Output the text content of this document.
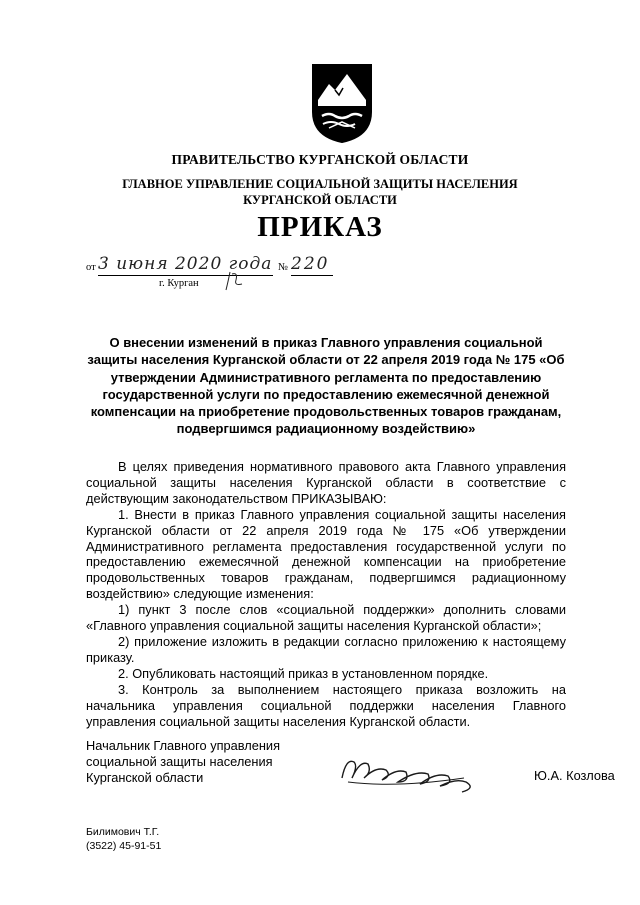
ПРАВИТЕЛЬСТВО КУРГАНСКОЙ ОБЛАСТИ
ГЛАВНОЕ УПРАВЛЕНИЕ СОЦИАЛЬНОЙ ЗАЩИТЫ НАСЕЛЕНИЯ
КУРГАНСКОЙ ОБЛАСТИ
ПРИКАЗ
от 3 июня 2020 года № 220
г. Курган
О внесении изменений в приказ Главного управления социальной защиты населения Курганской области от 22 апреля 2019 года № 175 «Об утверждении Административного регламента по предоставлению государственной услуги по предоставлению ежемесячной денежной компенсации на приобретение продовольственных товаров гражданам, подвергшимся радиационному воздействию»

В целях приведения нормативного правового акта Главного управления социальной защиты населения Курганской области в соответствие с действующим законодательством ПРИКАЗЫВАЮ:

1. Внести в приказ Главного управления социальной защиты населения Курганской области от 22 апреля 2019 года № 175 «Об утверждении Административного регламента предоставления государственной услуги по предоставлению ежемесячной денежной компенсации на приобретение продовольственных товаров гражданам, подвергшимся радиационному воздействию» следующие изменения:

1) пункт 3 после слов «социальной поддержки» дополнить словами «Главного управления социальной защиты населения Курганской области»;

2) приложение изложить в редакции согласно приложению к настоящему приказу.

2. Опубликовать настоящий приказ в установленном порядке.

3. Контроль за выполнением настоящего приказа возложить на начальника управления социальной поддержки населения Главного управления социальной защиты населения Курганской области.

Начальник Главного управления
социальной защиты населения
Курганской области	Ю.А. Козлова
Билимович Т.Г.
(3522) 45-91-51
